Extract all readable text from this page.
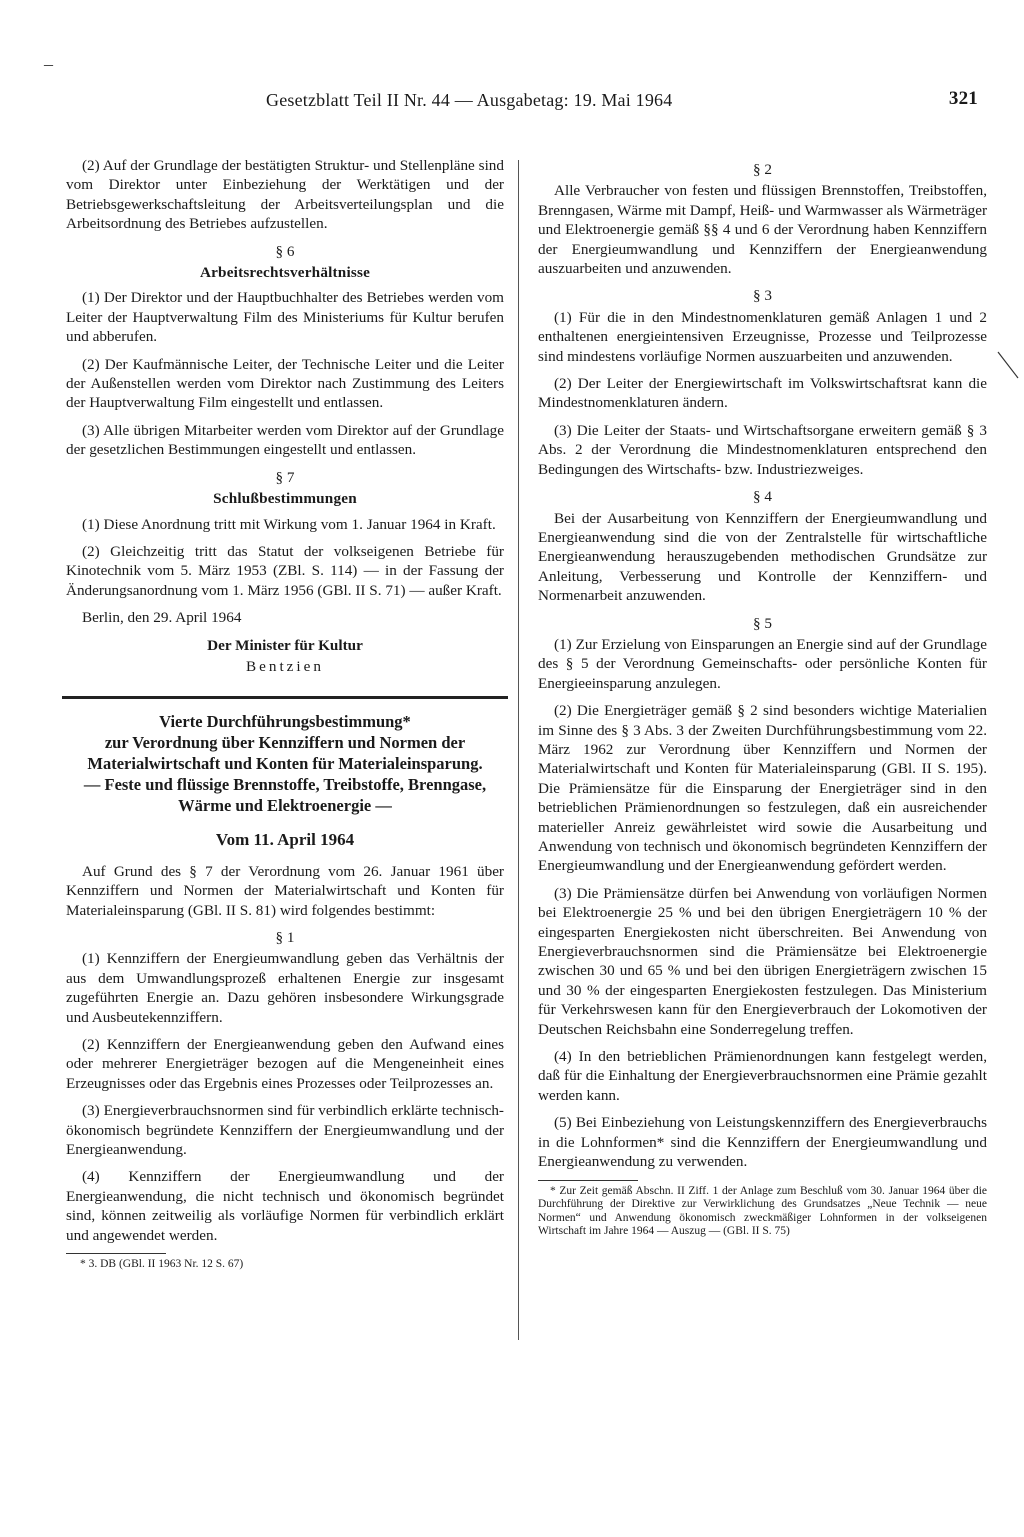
‒
Gesetzblatt Teil II Nr. 44 — Ausgabetag: 19. Mai 1964	321

(2) Auf der Grundlage der bestätigten Struktur- und Stellenpläne sind vom Direktor unter Einbeziehung der Werktätigen und der Betriebsgewerkschaftsleitung der Arbeitsverteilungsplan und die Arbeitsordnung des Betriebes aufzustellen.

§ 6

Arbeitsrechtsverhältnisse

(1) Der Direktor und der Hauptbuchhalter des Betriebes werden vom Leiter der Hauptverwaltung Film des Ministeriums für Kultur berufen und abberufen.

(2) Der Kaufmännische Leiter, der Technische Leiter und die Leiter der Außenstellen werden vom Direktor nach Zustimmung des Leiters der Hauptverwaltung Film eingestellt und entlassen.

(3) Alle übrigen Mitarbeiter werden vom Direktor auf der Grundlage der gesetzlichen Bestimmungen eingestellt und entlassen.

§ 7

Schlußbestimmungen

(1) Diese Anordnung tritt mit Wirkung vom 1. Januar 1964 in Kraft.

(2) Gleichzeitig tritt das Statut der volkseigenen Betriebe für Kinotechnik vom 5. März 1953 (ZBl. S. 114) — in der Fassung der Änderungsanordnung vom 1. März 1956 (GBl. II S. 71) — außer Kraft.

Berlin, den 29. April 1964

Der Minister für Kultur

Bentzien

Vierte Durchführungsbestimmung*
zur Verordnung über Kennziffern und Normen der Materialwirtschaft und Konten für Materialeinsparung.
— Feste und flüssige Brennstoffe, Treibstoffe, Brenngase, Wärme und Elektroenergie —

Vom 11. April 1964

Auf Grund des § 7 der Verordnung vom 26. Januar 1961 über Kennziffern und Normen der Materialwirtschaft und Konten für Materialeinsparung (GBl. II S. 81) wird folgendes bestimmt:

§ 1

(1) Kennziffern der Energieumwandlung geben das Verhältnis der aus dem Umwandlungsprozeß erhaltenen Energie zur insgesamt zugeführten Energie an. Dazu gehören insbesondere Wirkungsgrade und Ausbeutekennziffern.

(2) Kennziffern der Energieanwendung geben den Aufwand eines oder mehrerer Energieträger bezogen auf die Mengeneinheit eines Erzeugnisses oder das Ergebnis eines Prozesses oder Teilprozesses an.

(3) Energieverbrauchsnormen sind für verbindlich erklärte technisch-ökonomisch begründete Kennziffern der Energieumwandlung und der Energieanwendung.

(4) Kennziffern der Energieumwandlung und der Energieanwendung, die nicht technisch und ökonomisch begründet sind, können zeitweilig als vorläufige Normen für verbindlich erklärt und angewendet werden.

* 3. DB (GBl. II 1963 Nr. 12 S. 67)

§ 2

Alle Verbraucher von festen und flüssigen Brennstoffen, Treibstoffen, Brenngasen, Wärme mit Dampf, Heiß- und Warmwasser als Wärmeträger und Elektroenergie gemäß §§ 4 und 6 der Verordnung haben Kennziffern der Energieumwandlung und Kennziffern der Energieanwendung auszuarbeiten und anzuwenden.

§ 3

(1) Für die in den Mindestnomenklaturen gemäß Anlagen 1 und 2 enthaltenen energieintensiven Erzeugnisse, Prozesse und Teilprozesse sind mindestens vorläufige Normen auszuarbeiten und anzuwenden.

(2) Der Leiter der Energiewirtschaft im Volkswirtschaftsrat kann die Mindestnomenklaturen ändern.

(3) Die Leiter der Staats- und Wirtschaftsorgane erweitern gemäß § 3 Abs. 2 der Verordnung die Mindestnomenklaturen entsprechend den Bedingungen des Wirtschafts- bzw. Industriezweiges.

§ 4

Bei der Ausarbeitung von Kennziffern der Energieumwandlung und Energieanwendung sind die von der Zentralstelle für wirtschaftliche Energieanwendung herauszugebenden methodischen Grundsätze zur Anleitung, Verbesserung und Kontrolle der Kennziffern- und Normenarbeit anzuwenden.

§ 5

(1) Zur Erzielung von Einsparungen an Energie sind auf der Grundlage des § 5 der Verordnung Gemeinschafts- oder persönliche Konten für Energieeinsparung anzulegen.

(2) Die Energieträger gemäß § 2 sind besonders wichtige Materialien im Sinne des § 3 Abs. 3 der Zweiten Durchführungsbestimmung vom 22. März 1962 zur Verordnung über Kennziffern und Normen der Materialwirtschaft und Konten für Materialeinsparung (GBl. II S. 195). Die Prämiensätze für die Einsparung der Energieträger sind in den betrieblichen Prämienordnungen so festzulegen, daß ein ausreichender materieller Anreiz gewährleistet wird sowie die Ausarbeitung und Anwendung von technisch und ökonomisch begründeten Kennziffern der Energieumwandlung und der Energieanwendung gefördert werden.

(3) Die Prämiensätze dürfen bei Anwendung von vorläufigen Normen bei Elektroenergie 25 % und bei den übrigen Energieträgern 10 % der eingesparten Energiekosten nicht überschreiten. Bei Anwendung von Energieverbrauchsnormen sind die Prämiensätze bei Elektroenergie zwischen 30 und 65 % und bei den übrigen Energieträgern zwischen 15 und 30 % der eingesparten Energiekosten festzulegen. Das Ministerium für Verkehrswesen kann für den Energieverbrauch der Lokomotiven der Deutschen Reichsbahn eine Sonderregelung treffen.

(4) In den betrieblichen Prämienordnungen kann festgelegt werden, daß für die Einhaltung der Energieverbrauchsnormen eine Prämie gezahlt werden kann.

(5) Bei Einbeziehung von Leistungskennziffern des Energieverbrauchs in die Lohnformen* sind die Kennziffern der Energieumwandlung und Energieanwendung zu verwenden.

* Zur Zeit gemäß Abschn. II Ziff. 1 der Anlage zum Beschluß vom 30. Januar 1964 über die Durchführung der Direktive zur Verwirklichung des Grundsatzes „Neue Technik — neue Normen“ und Anwendung ökonomisch zweckmäßiger Lohnformen in der volkseigenen Wirtschaft im Jahre 1964 — Auszug — (GBl. II S. 75)
